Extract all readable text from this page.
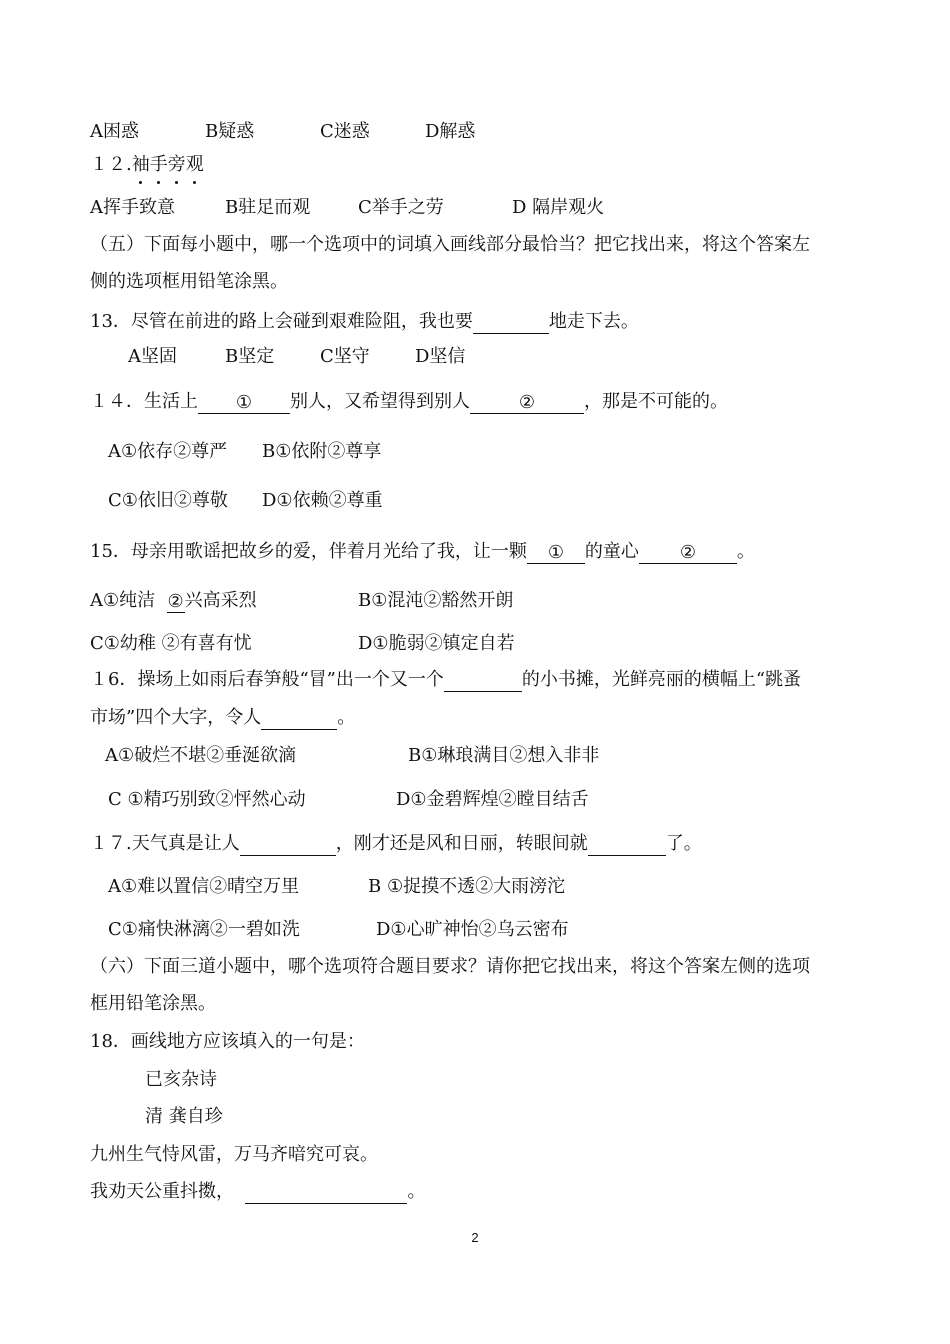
A困惑	B疑惑	C迷惑	D解惑
１２.袖手旁观
A挥手致意	B驻足而观	C举手之劳	D 隔岸观火
（五）下面每小题中，哪一个选项中的词填入画线部分最恰当？把它找出来，将这个答案左
侧的选项框用铅笔涂黑。
13．尽管在前进的路上会碰到艰难险阻，我也要	地走下去。
A坚固	B坚定	C坚守	D坚信
１４．生活上 ① 别人，又希望得到别人	②	，那是不可能的。
A①依存②尊严 B①依附②尊享
C①依旧②尊敬 D①依赖②尊重
15．母亲用歌谣把故乡的爱，伴着月光给了我，让一颗 ① 的童心 ② 。
A①纯洁 ②兴高采烈	B①混沌②豁然开朗
C①幼稚 ②有喜有忧	D①脆弱②镇定自若
１6．操场上如雨后春笋般“冒”出一个又一个	的小书摊，光鲜亮丽的横幅上“跳蚤
市场”四个大字，令人	。
A①破烂不堪②垂涎欲滴	B①琳琅满目②想入非非
C ①精巧别致②怦然心动	D①金碧辉煌②瞠目结舌
１７.天气真是让人	，刚才还是风和日丽，转眼间就	了。
A①难以置信②晴空万里	B ①捉摸不透②大雨滂沱
C①痛快淋漓②一碧如洗	D①心旷神怡②乌云密布
（六）下面三道小题中，哪个选项符合题目要求？请你把它找出来，将这个答案左侧的选项
框用铅笔涂黑。
18．画线地方应该填入的一句是：
已亥杂诗
清 龚自珍
九州生气恃风雷，万马齐喑究可哀。
我劝天公重抖擞，	。
2
